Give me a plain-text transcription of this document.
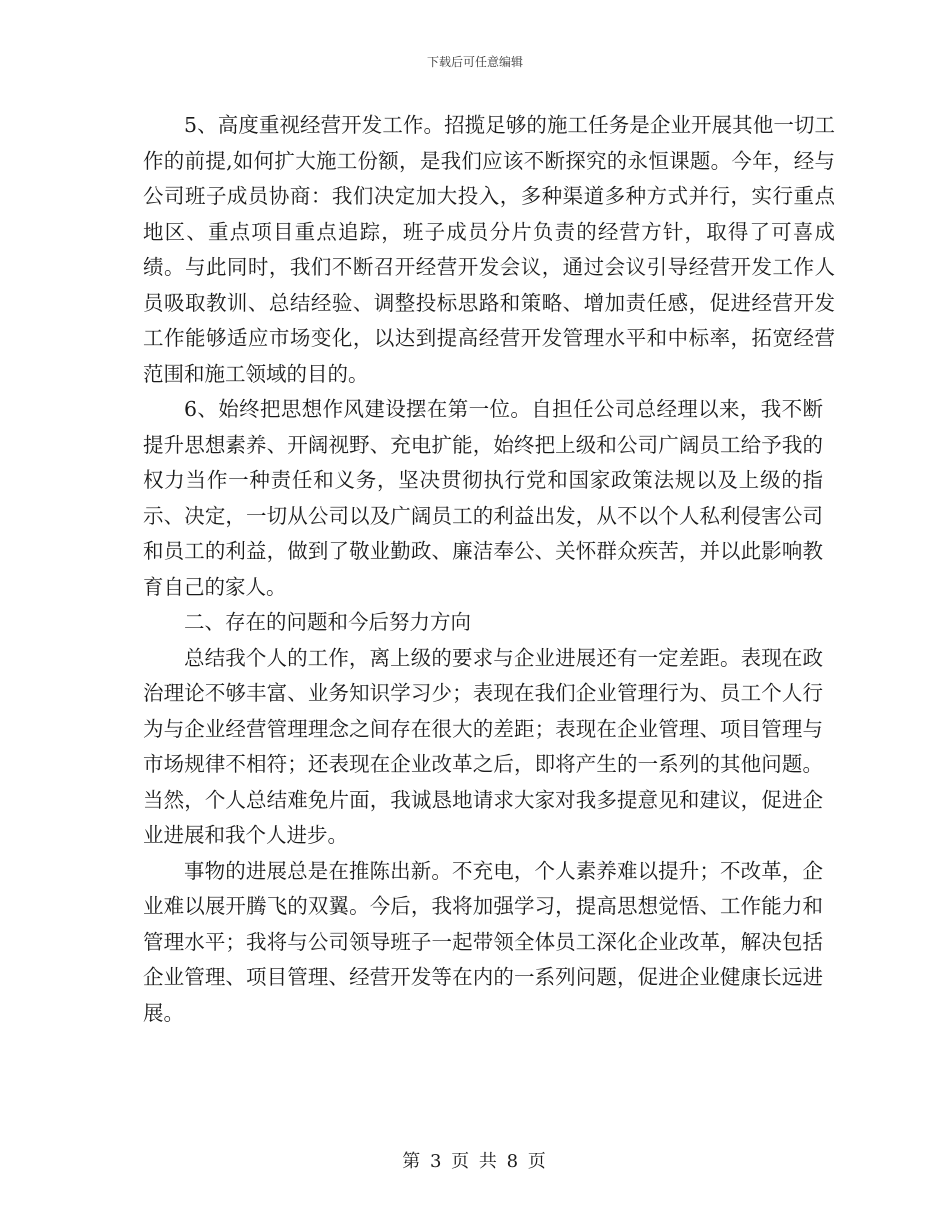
下载后可任意编辑

5、高度重视经营开发工作。招揽足够的施工任务是企业开展其他一切工作的前提,如何扩大施工份额，是我们应该不断探究的永恒课题。今年，经与公司班子成员协商：我们决定加大投入，多种渠道多种方式并行，实行重点地区、重点项目重点追踪，班子成员分片负责的经营方针，取得了可喜成绩。与此同时，我们不断召开经营开发会议，通过会议引导经营开发工作人员吸取教训、总结经验、调整投标思路和策略、增加责任感，促进经营开发工作能够适应市场变化，以达到提高经营开发管理水平和中标率，拓宽经营范围和施工领域的目的。

6、始终把思想作风建设摆在第一位。自担任公司总经理以来，我不断提升思想素养、开阔视野、充电扩能，始终把上级和公司广阔员工给予我的权力当作一种责任和义务，坚决贯彻执行党和国家政策法规以及上级的指示、决定，一切从公司以及广阔员工的利益出发，从不以个人私利侵害公司和员工的利益，做到了敬业勤政、廉洁奉公、关怀群众疾苦，并以此影响教育自己的家人。

二、存在的问题和今后努力方向

总结我个人的工作，离上级的要求与企业进展还有一定差距。表现在政治理论不够丰富、业务知识学习少；表现在我们企业管理行为、员工个人行为与企业经营管理理念之间存在很大的差距；表现在企业管理、项目管理与市场规律不相符；还表现在企业改革之后，即将产生的一系列的其他问题。当然，个人总结难免片面，我诚恳地请求大家对我多提意见和建议，促进企业进展和我个人进步。

事物的进展总是在推陈出新。不充电，个人素养难以提升；不改革，企业难以展开腾飞的双翼。今后，我将加强学习，提高思想觉悟、工作能力和管理水平；我将与公司领导班子一起带领全体员工深化企业改革，解决包括企业管理、项目管理、经营开发等在内的一系列问题，促进企业健康长远进展。

第 3 页 共 8 页
